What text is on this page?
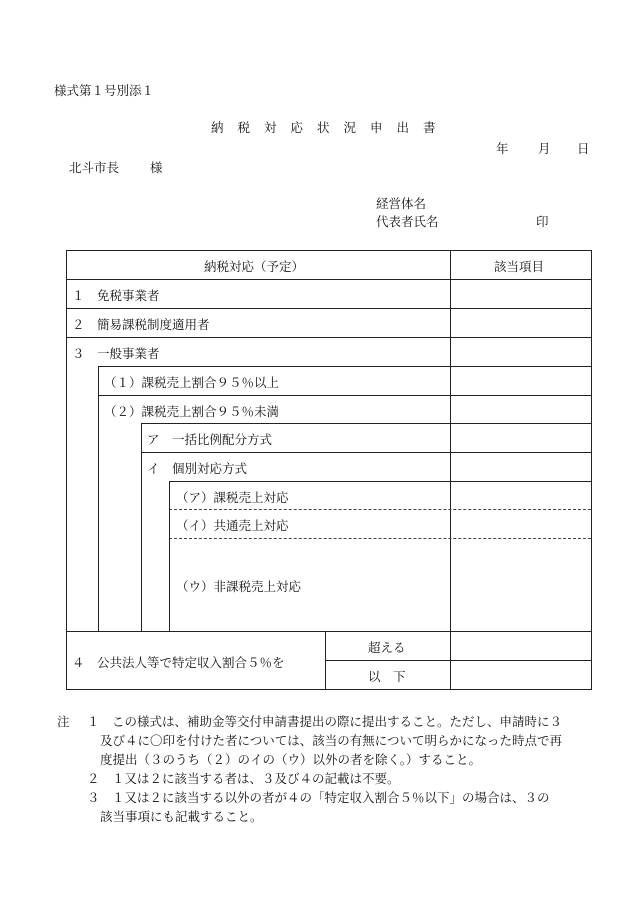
様式第１号別添１
納 税 対 応 状 況 申 出 書
年 月 日
北斗市長 様
経営体名
代表者氏名	印
納税対応（予定）	該当項目
１　免税事業者
２　簡易課税制度適用者
３　一般事業者
（１）課税売上割合９５％以上
（２）課税売上割合９５％未満
ア　一括比例配分方式
イ　個別対応方式
（ア）課税売上対応
（イ）共通売上対応
（ウ）非課税売上対応
４　公共法人等で特定収入割合５％を
超える
以　下
注 １ この様式は、補助金等交付申請書提出の際に提出すること。ただし、申請時に３
及び４に〇印を付けた者については、該当の有無について明らかになった時点で再
度提出（３のうち（２）のイの（ウ）以外の者を除く。）すること。
２ １又は２に該当する者は、３及び４の記載は不要。
３ １又は２に該当する以外の者が４の「特定収入割合５％以下」の場合は、３の
該当事項にも記載すること。
